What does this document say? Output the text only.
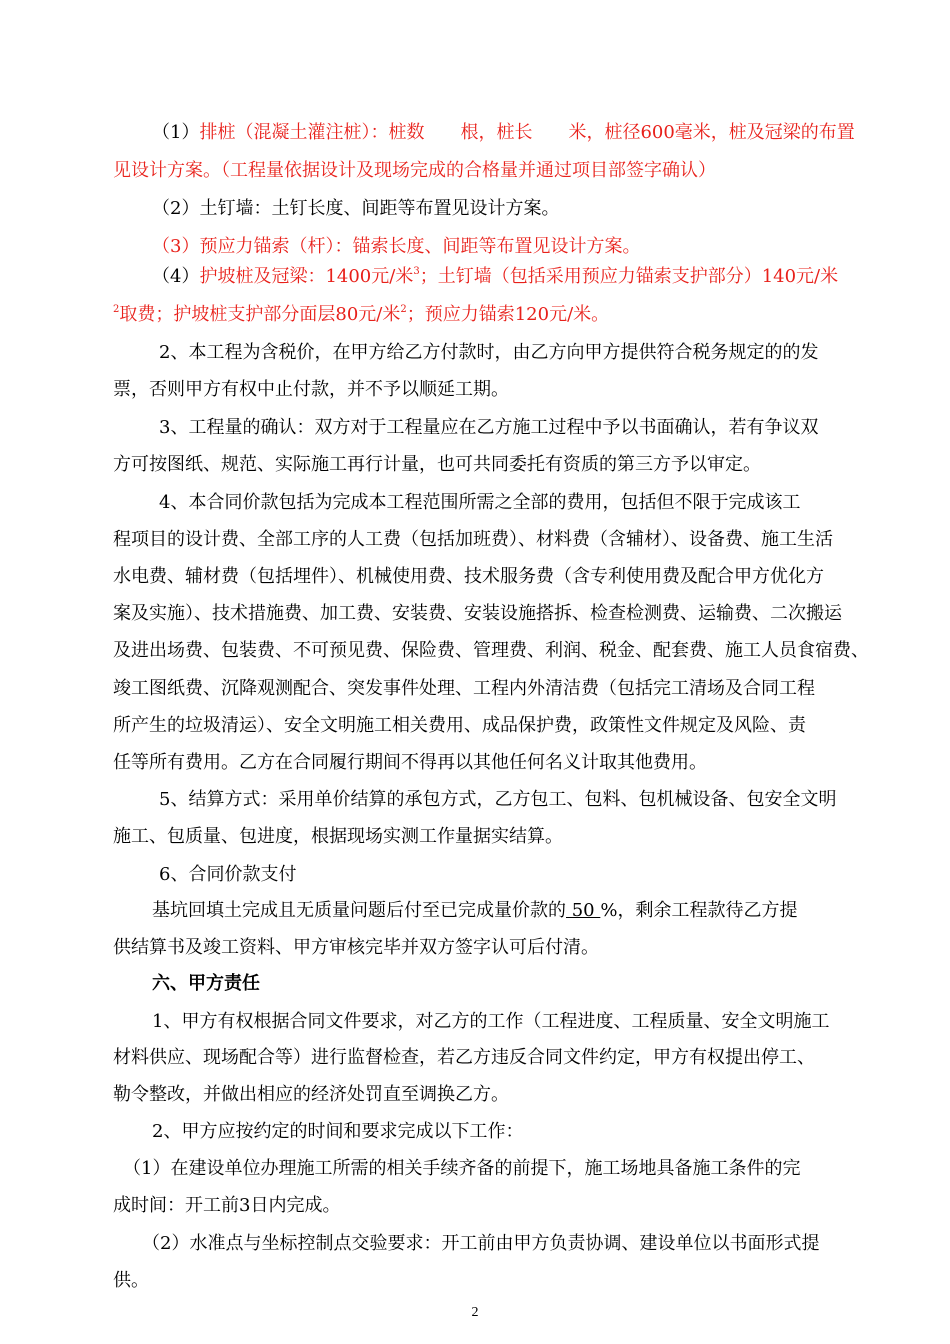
（1）排桩（混凝土灌注桩）：桩数　　根，桩长　　米，桩径600毫米，桩及冠梁的布置
见设计方案。（工程量依据设计及现场完成的合格量并通过项目部签字确认）
（2）土钉墙：土钉长度、间距等布置见设计方案。
（3）预应力锚索（杆）：锚索长度、间距等布置见设计方案。
（4）护坡桩及冠梁：1400元/米$^3$；土钉墙（包括采用预应力锚索支护部分）140元/米
$^2$取费；护坡桩支护部分面层80元/米$^2$；预应力锚索120元/米。
2、本工程为含税价，在甲方给乙方付款时，由乙方向甲方提供符合税务规定的的发
票，否则甲方有权中止付款，并不予以顺延工期。
3、工程量的确认：双方对于工程量应在乙方施工过程中予以书面确认，若有争议双
方可按图纸、规范、实际施工再行计量，也可共同委托有资质的第三方予以审定。
4、本合同价款包括为完成本工程范围所需之全部的费用，包括但不限于完成该工
程项目的设计费、全部工序的人工费（包括加班费）、材料费（含辅材）、设备费、施工生活
水电费、辅材费（包括埋件）、机械使用费、技术服务费（含专利使用费及配合甲方优化方
案及实施）、技术措施费、加工费、安装费、安装设施搭拆、检查检测费、运输费、二次搬运
及进出场费、包装费、不可预见费、保险费、管理费、利润、税金、配套费、施工人员食宿费、
竣工图纸费、沉降观测配合、突发事件处理、工程内外清洁费（包括完工清场及合同工程
所产生的垃圾清运）、安全文明施工相关费用、成品保护费，政策性文件规定及风险、责
任等所有费用。乙方在合同履行期间不得再以其他任何名义计取其他费用。
5、结算方式：采用单价结算的承包方式，乙方包工、包料、包机械设备、包安全文明
施工、包质量、包进度，根据现场实测工作量据实结算。
6、合同价款支付
基坑回填土完成且无质量问题后付至已完成量价款的 50 %，剩余工程款待乙方提
供结算书及竣工资料、甲方审核完毕并双方签字认可后付清。
六、甲方责任
1、甲方有权根据合同文件要求，对乙方的工作（工程进度、工程质量、安全文明施工
材料供应、现场配合等）进行监督检查，若乙方违反合同文件约定，甲方有权提出停工、
勒令整改，并做出相应的经济处罚直至调换乙方。
2、甲方应按约定的时间和要求完成以下工作：
（1）在建设单位办理施工所需的相关手续齐备的前提下，施工场地具备施工条件的完
成时间：开工前3日内完成。
（2）水准点与坐标控制点交验要求：开工前由甲方负责协调、建设单位以书面形式提
供。
2
